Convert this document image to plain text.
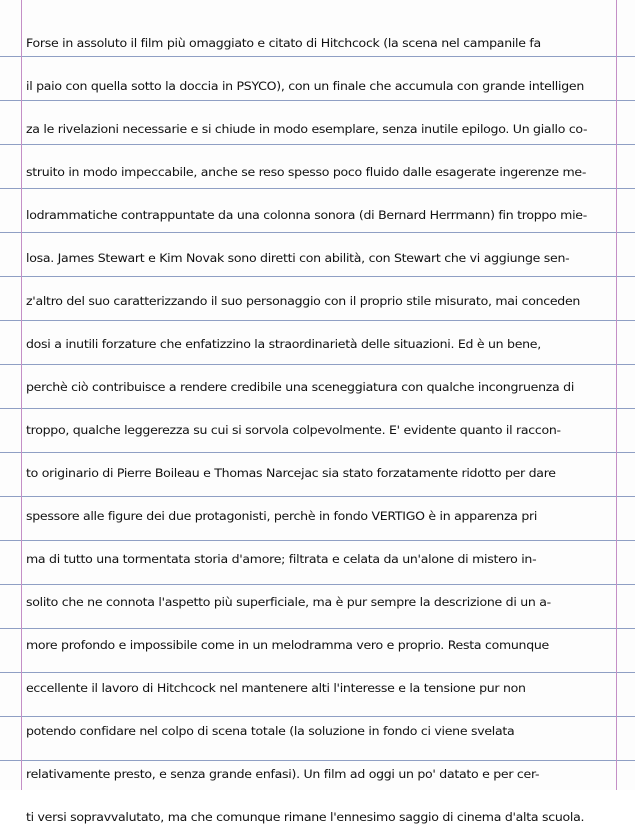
Forse in assoluto il film più omaggiato e citato di Hitchcock (la scena nel campanile fa
il paio con quella sotto la doccia in PSYCO), con un finale che accumula con grande intelligen
za le rivelazioni necessarie e si chiude in modo esemplare, senza inutile epilogo. Un giallo co-
struito in modo impeccabile, anche se reso spesso poco fluido dalle esagerate ingerenze me-
lodrammatiche contrappuntate da una colonna sonora (di Bernard Herrmann) fin troppo mie-
losa. James Stewart e Kim Novak sono diretti con abilità, con Stewart che vi aggiunge sen-
z'altro del suo caratterizzando il suo personaggio con il proprio stile misurato, mai conceden
dosi a inutili forzature che enfatizzino la straordinarietà delle situazioni. Ed è un bene,
perchè ciò contribuisce a rendere credibile una sceneggiatura con qualche incongruenza di
troppo, qualche leggerezza su cui si sorvola colpevolmente. E' evidente quanto il raccon-
to originario di Pierre Boileau e Thomas Narcejac sia stato forzatamente ridotto per dare
spessore alle figure dei due protagonisti, perchè in fondo VERTIGO è in apparenza pri
ma di tutto una tormentata storia d'amore; filtrata e celata da un'alone di mistero in-
solito che ne connota l'aspetto più superficiale, ma è pur sempre la descrizione di un a-
more profondo e impossibile come in un melodramma vero e proprio. Resta comunque
eccellente il lavoro di Hitchcock nel mantenere alti l'interesse e la tensione pur non
potendo confidare nel colpo di scena totale (la soluzione in fondo ci viene svelata
relativamente presto, e senza grande enfasi). Un film ad oggi un po' datato e per cer-
ti versi sopravvalutato, ma che comunque rimane l'ennesimo saggio di cinema d'alta scuola.
